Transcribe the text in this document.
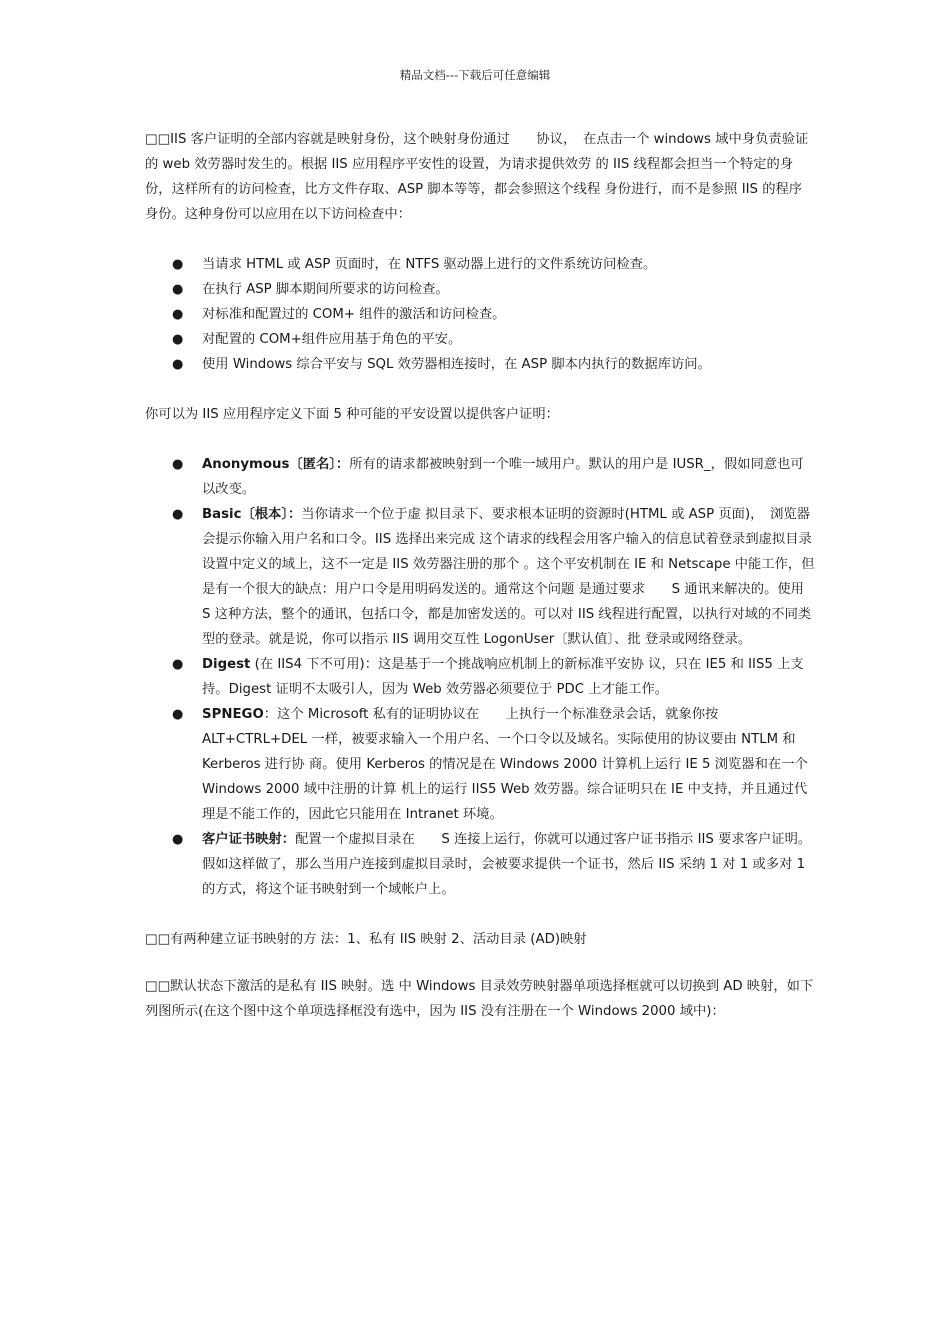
精品文档---下载后可任意编辑

□□IIS 客户证明的全部内容就是映射身份，这个映射身份通过　　协议，　在点击一个 windows 域中身负责验证的 web 效劳器时发生的。根据 IIS 应用程序平安性的设置，为请求提供效劳 的 IIS 线程都会担当一个特定的身份，这样所有的访问检查，比方文件存取、ASP 脚本等等，都会参照这个线程 身份进行，而不是参照 IIS 的程序身份。这种身份可以应用在以下访问检查中：

● 当请求 HTML 或 ASP 页面时，在 NTFS 驱动器上进行的文件系统访问检查。
● 在执行 ASP 脚本期间所要求的访问检查。
● 对标准和配置过的 COM+ 组件的激活和访问检查。
● 对配置的 COM+组件应用基于角色的平安。
● 使用 Windows 综合平安与 SQL 效劳器相连接时，在 ASP 脚本内执行的数据库访问。

你可以为 IIS 应用程序定义下面 5 种可能的平安设置以提供客户证明：

● Anonymous〔匿名〕：所有的请求都被映射到一个唯一域用户。默认的用户是 IUSR_，假如同意也可以改变。
● Basic〔根本〕：当你请求一个位于虚 拟目录下、要求根本证明的资源时(HTML 或 ASP 页面)，　浏览器会提示你输入用户名和口令。IIS 选择出来完成 这个请求的线程会用客户输入的信息试着登录到虚拟目录设置中定义的域上，这不一定是 IIS 效劳器注册的那个 。这个平安机制在 IE 和 Netscape 中能工作，但是有一个很大的缺点：用户口令是用明码发送的。通常这个问题 是通过要求　　S 通讯来解决的。使用　　S 这种方法，整个的通讯，包括口令，都是加密发送的。可以对 IIS 线程进行配置，以执行对域的不同类型的登录。就是说，你可以指示 IIS 调用交互性 LogonUser〔默认值〕、批 登录或网络登录。
● Digest (在 IIS4 下不可用)：这是基于一个挑战响应机制上的新标准平安协 议，只在 IE5 和 IIS5 上支持。Digest 证明不太吸引人，因为 Web 效劳器必须要位于 PDC 上才能工作。
● SPNEGO：这个 Microsoft 私有的证明协议在　　上执行一个标准登录会话，就象你按 ALT+CTRL+DEL 一样，被要求输入一个用户名、一个口令以及域名。实际使用的协议要由 NTLM 和 Kerberos 进行协 商。使用 Kerberos 的情况是在 Windows 2000 计算机上运行 IE 5 浏览器和在一个 Windows 2000 域中注册的计算 机上的运行 IIS5 Web 效劳器。综合证明只在 IE 中支持，并且通过代理是不能工作的，因此它只能用在 Intranet 环境。
● 客户证书映射：配置一个虚拟目录在　　S 连接上运行，你就可以通过客户证书指示 IIS 要求客户证明。假如这样做了，那么当用户连接到虚拟目录时，会被要求提供一个证书，然后 IIS 采纳 1 对 1 或多对 1 的方式，将这个证书映射到一个域帐户上。

□□有两种建立证书映射的方 法：1、私有 IIS 映射 2、活动目录 (AD)映射

□□默认状态下激活的是私有 IIS 映射。选 中 Windows 目录效劳映射器单项选择框就可以切换到 AD 映射，如下列图所示(在这个图中这个单项选择框没有选中，因为 IIS 没有注册在一个 Windows 2000 域中)：
